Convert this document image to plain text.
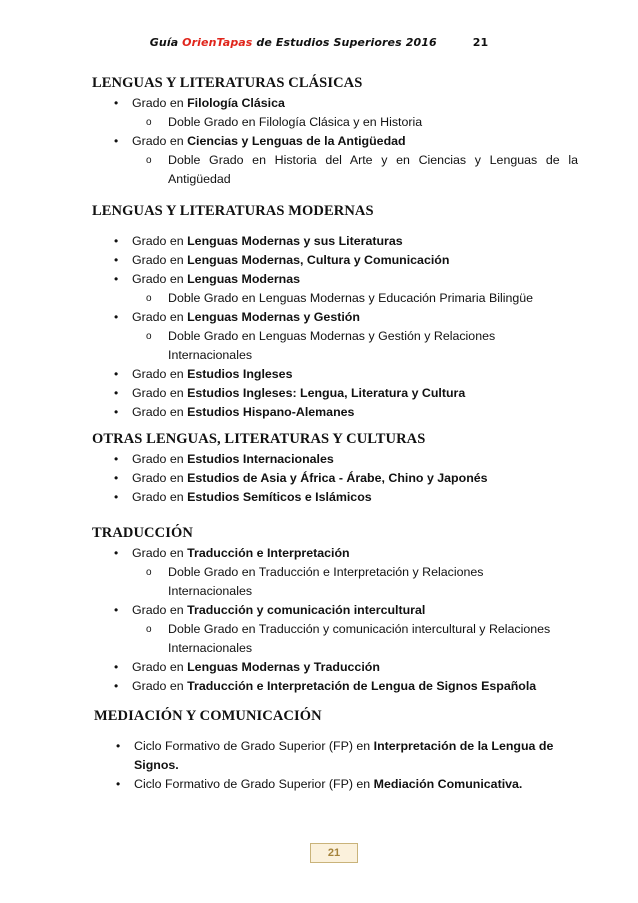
Guía OrienTapas de Estudios Superiores 2016	21
LENGUAS Y LITERATURAS CLÁSICAS
• Grado en Filología Clásica
o Doble Grado en Filología Clásica y en Historia
• Grado en Ciencias y Lenguas de la Antigüedad
o Doble Grado en Historia del Arte y en Ciencias y Lenguas de la Antigüedad
LENGUAS Y LITERATURAS MODERNAS
• Grado en Lenguas Modernas y sus Literaturas
• Grado en Lenguas Modernas, Cultura y Comunicación
• Grado en Lenguas Modernas
o Doble Grado en Lenguas Modernas y Educación Primaria Bilingüe
• Grado en Lenguas Modernas y Gestión
o Doble Grado en Lenguas Modernas y Gestión y Relaciones Internacionales
• Grado en Estudios Ingleses
• Grado en Estudios Ingleses: Lengua, Literatura y Cultura
• Grado en Estudios Hispano-Alemanes
OTRAS LENGUAS, LITERATURAS Y CULTURAS
• Grado en Estudios Internacionales
• Grado en Estudios de Asia y África - Árabe, Chino y Japonés
• Grado en Estudios Semíticos e Islámicos
TRADUCCIÓN
• Grado en Traducción e Interpretación
o Doble Grado en Traducción e Interpretación y Relaciones Internacionales
• Grado en Traducción y comunicación intercultural
o Doble Grado en Traducción y comunicación intercultural y Relaciones Internacionales
• Grado en Lenguas Modernas y Traducción
• Grado en Traducción e Interpretación de Lengua de Signos Española
MEDIACIÓN Y COMUNICACIÓN
• Ciclo Formativo de Grado Superior (FP) en Interpretación de la Lengua de Signos.
• Ciclo Formativo de Grado Superior (FP) en Mediación Comunicativa.
21
